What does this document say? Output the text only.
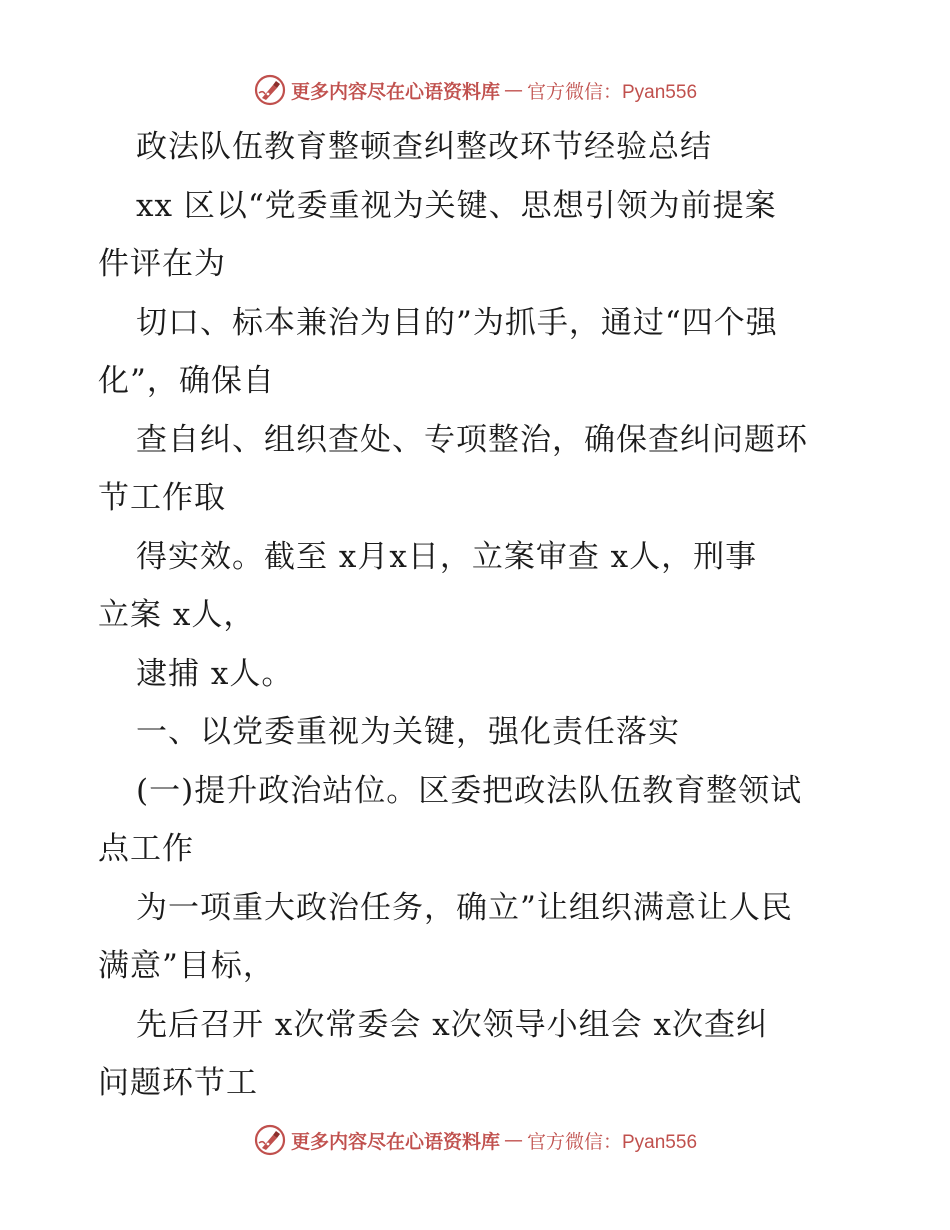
更多内容尽在心语资料库 — 官方微信：Pyan556
政法队伍教育整顿查纠整改环节经验总结
xx 区以“党委重视为关键、思想引领为前提案
件评在为
切口、标本兼治为目的”为抓手，通过“四个强
化”，确保自
查自纠、组织查处、专项整治，确保查纠问题环
节工作取
得实效。截至 x月x日，立案审查 x人，刑事
立案 x人，
逮捕 x人。
一、以党委重视为关键，强化责任落实
(一)提升政治站位。区委把政法队伍教育整领试
点工作
为一项重大政治任务，确立”让组织满意让人民
满意”目标，
先后召开 x次常委会 x次领导小组会 x次查纠
问题环节工
更多内容尽在心语资料库 — 官方微信：Pyan556
